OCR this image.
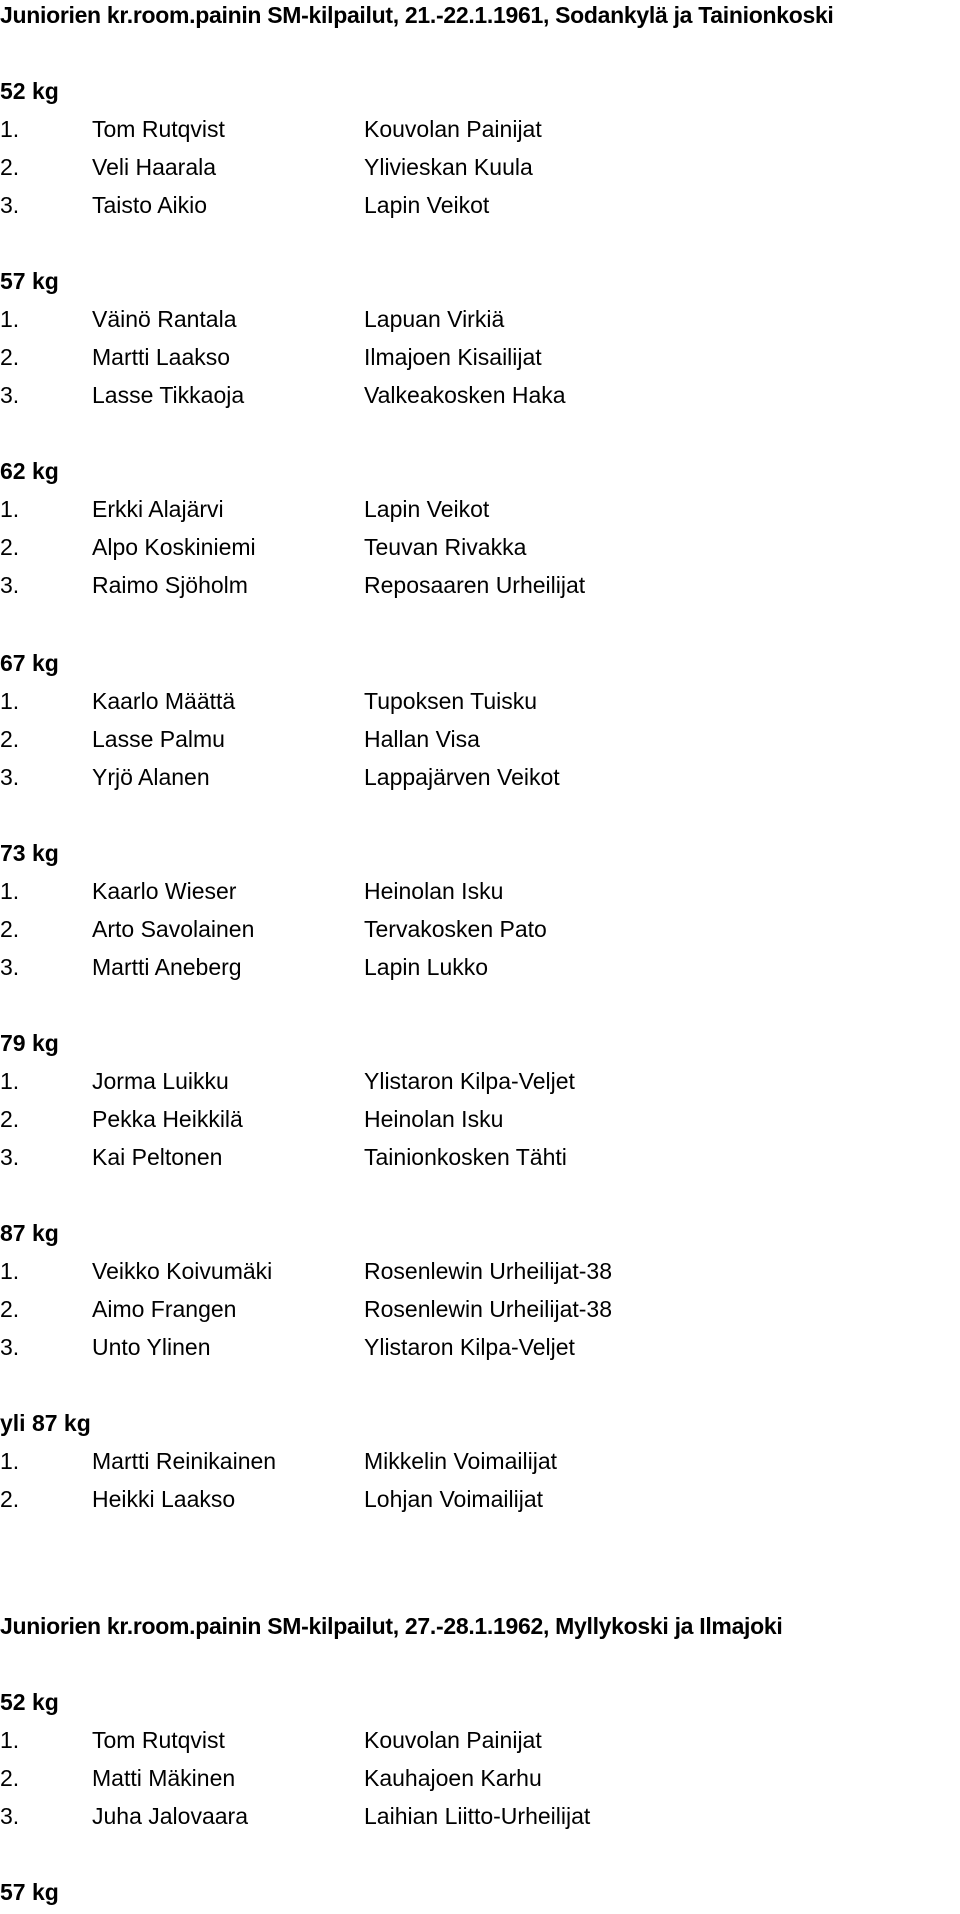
Juniorien kr.room.painin SM-kilpailut, 21.-22.1.1961, Sodankylä ja Tainionkoski
52 kg
1.	Tom Rutqvist	Kouvolan Painijat
2.	Veli Haarala	Ylivieskan Kuula
3.	Taisto Aikio	Lapin Veikot
57 kg
1.	Väinö Rantala	Lapuan Virkiä
2.	Martti Laakso	Ilmajoen Kisailijat
3.	Lasse Tikkaoja	Valkeakosken Haka
62 kg
1.	Erkki Alajärvi	Lapin Veikot
2.	Alpo Koskiniemi	Teuvan Rivakka
3.	Raimo Sjöholm	Reposaaren Urheilijat
67 kg
1.	Kaarlo Määttä	Tupoksen Tuisku
2.	Lasse Palmu	Hallan Visa
3.	Yrjö Alanen	Lappajärven Veikot
73 kg
1.	Kaarlo Wieser	Heinolan Isku
2.	Arto Savolainen	Tervakosken Pato
3.	Martti Aneberg	Lapin Lukko
79 kg
1.	Jorma Luikku	Ylistaron Kilpa-Veljet
2.	Pekka Heikkilä	Heinolan Isku
3.	Kai Peltonen	Tainionkosken Tähti
87 kg
1.	Veikko Koivumäki	Rosenlewin Urheilijat-38
2.	Aimo Frangen	Rosenlewin Urheilijat-38
3.	Unto Ylinen	Ylistaron Kilpa-Veljet
yli 87 kg
1.	Martti Reinikainen	Mikkelin Voimailijat
2.	Heikki Laakso	Lohjan Voimailijat
Juniorien kr.room.painin SM-kilpailut, 27.-28.1.1962, Myllykoski ja Ilmajoki
52 kg
1.	Tom Rutqvist	Kouvolan Painijat
2.	Matti Mäkinen	Kauhajoen Karhu
3.	Juha Jalovaara	Laihian Liitto-Urheilijat
57 kg
